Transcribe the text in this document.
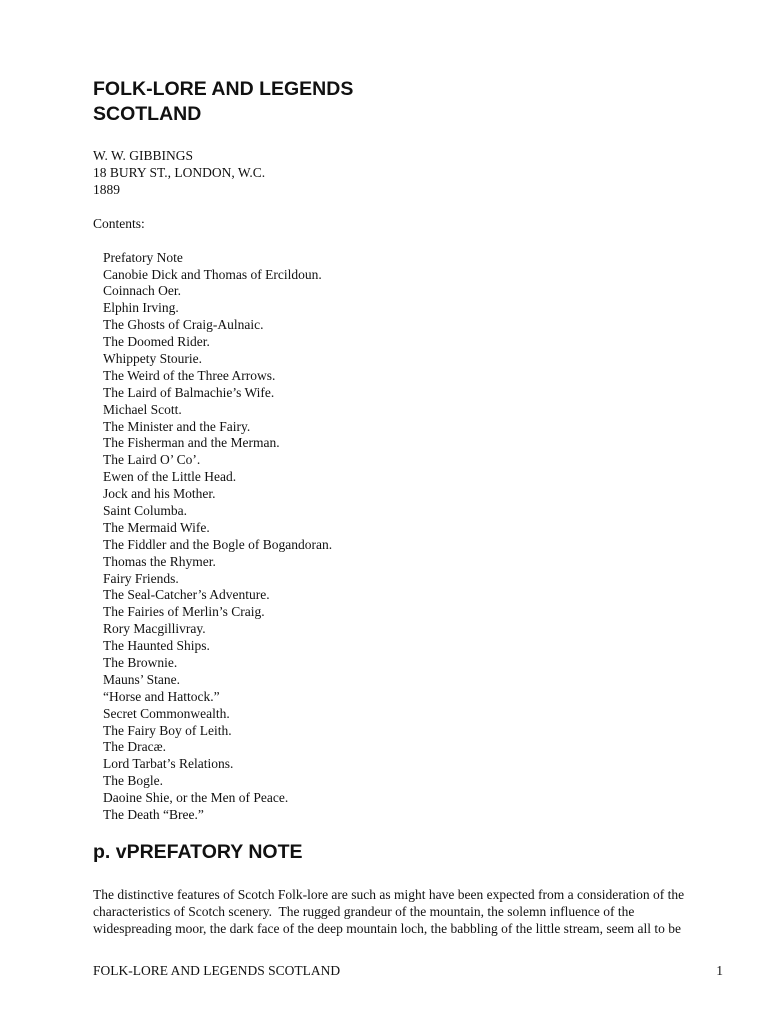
FOLK-LORE AND LEGENDS
SCOTLAND
W. W. GIBBINGS
18 BURY ST., LONDON, W.C.
1889
Contents:
Prefatory Note
Canobie Dick and Thomas of Ercildoun.
Coinnach Oer.
Elphin Irving.
The Ghosts of Craig-Aulnaic.
The Doomed Rider.
Whippety Stourie.
The Weird of the Three Arrows.
The Laird of Balmachie’s Wife.
Michael Scott.
The Minister and the Fairy.
The Fisherman and the Merman.
The Laird O’ Co’.
Ewen of the Little Head.
Jock and his Mother.
Saint Columba.
The Mermaid Wife.
The Fiddler and the Bogle of Bogandoran.
Thomas the Rhymer.
Fairy Friends.
The Seal-Catcher’s Adventure.
The Fairies of Merlin’s Craig.
Rory Macgillivray.
The Haunted Ships.
The Brownie.
Mauns’ Stane.
“Horse and Hattock.”
Secret Commonwealth.
The Fairy Boy of Leith.
The Dracæ.
Lord Tarbat’s Relations.
The Bogle.
Daoine Shie, or the Men of Peace.
The Death “Bree.”
p. vPREFATORY NOTE
The distinctive features of Scotch Folk-lore are such as might have been expected from a consideration of the
characteristics of Scotch scenery.  The rugged grandeur of the mountain, the solemn influence of the
widespreading moor, the dark face of the deep mountain loch, the babbling of the little stream, seem all to be
FOLK-LORE AND LEGENDS SCOTLAND	1
